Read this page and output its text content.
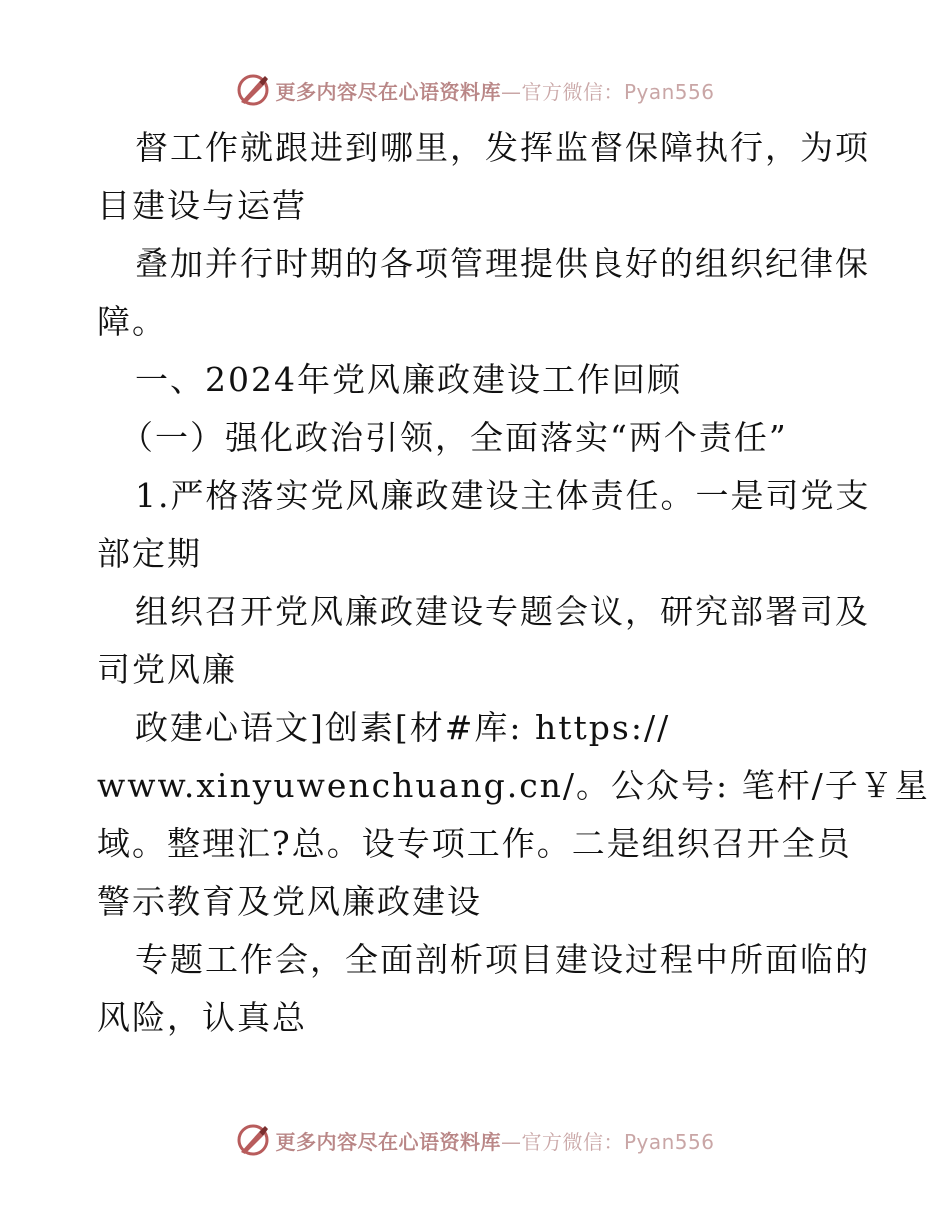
更多内容尽在心语资料库—官方微信：Pyan556
督工作就跟进到哪里，发挥监督保障执行，为项
目建设与运营
叠加并行时期的各项管理提供良好的组织纪律保
障。
一、2024年党风廉政建设工作回顾
（一）强化政治引领，全面落实“两个责任”
1.严格落实党风廉政建设主体责任。一是司党支
部定期
组织召开党风廉政建设专题会议，研究部署司及
司党风廉
政建心语文]创素[材#库: https://
www.xinyuwenchuang.cn/。公众号: 笔杆/子￥星
域。整理汇?总。设专项工作。二是组织召开全员
警示教育及党风廉政建设
专题工作会，全面剖析项目建设过程中所面临的
风险，认真总
更多内容尽在心语资料库—官方微信：Pyan556
